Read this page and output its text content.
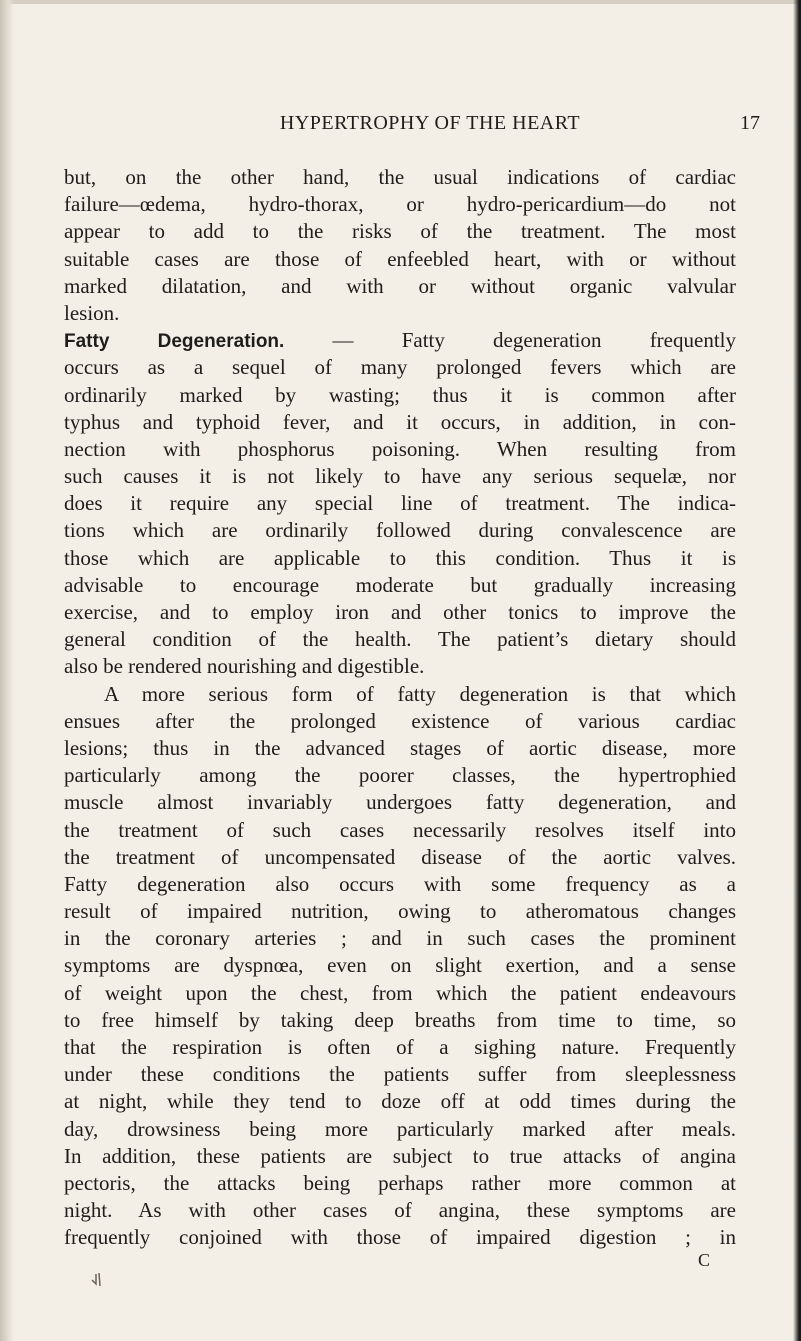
HYPERTROPHY OF THE HEART	17
but, on the other hand, the usual indications of cardiac
failure—œdema, hydro-thorax, or hydro-pericardium—do not
appear to add to the risks of the treatment. The most
suitable cases are those of enfeebled heart, with or without
marked dilatation, and with or without organic valvular
lesion.
Fatty Degeneration. — Fatty degeneration frequently
occurs as a sequel of many prolonged fevers which are
ordinarily marked by wasting; thus it is common after
typhus and typhoid fever, and it occurs, in addition, in con-
nection with phosphorus poisoning. When resulting from
such causes it is not likely to have any serious sequelæ, nor
does it require any special line of treatment. The indica-
tions which are ordinarily followed during convalescence are
those which are applicable to this condition. Thus it is
advisable to encourage moderate but gradually increasing
exercise, and to employ iron and other tonics to improve the
general condition of the health. The patient’s dietary should
also be rendered nourishing and digestible.
A more serious form of fatty degeneration is that which
ensues after the prolonged existence of various cardiac
lesions; thus in the advanced stages of aortic disease, more
particularly among the poorer classes, the hypertrophied
muscle almost invariably undergoes fatty degeneration, and
the treatment of such cases necessarily resolves itself into
the treatment of uncompensated disease of the aortic valves.
Fatty degeneration also occurs with some frequency as a
result of impaired nutrition, owing to atheromatous changes
in the coronary arteries ; and in such cases the prominent
symptoms are dyspnœa, even on slight exertion, and a sense
of weight upon the chest, from which the patient endeavours
to free himself by taking deep breaths from time to time, so
that the respiration is often of a sighing nature. Frequently
under these conditions the patients suffer from sleeplessness
at night, while they tend to doze off at odd times during the
day, drowsiness being more particularly marked after meals.
In addition, these patients are subject to true attacks of angina
pectoris, the attacks being perhaps rather more common at
night. As with other cases of angina, these symptoms are
frequently conjoined with those of impaired digestion ; in
C
